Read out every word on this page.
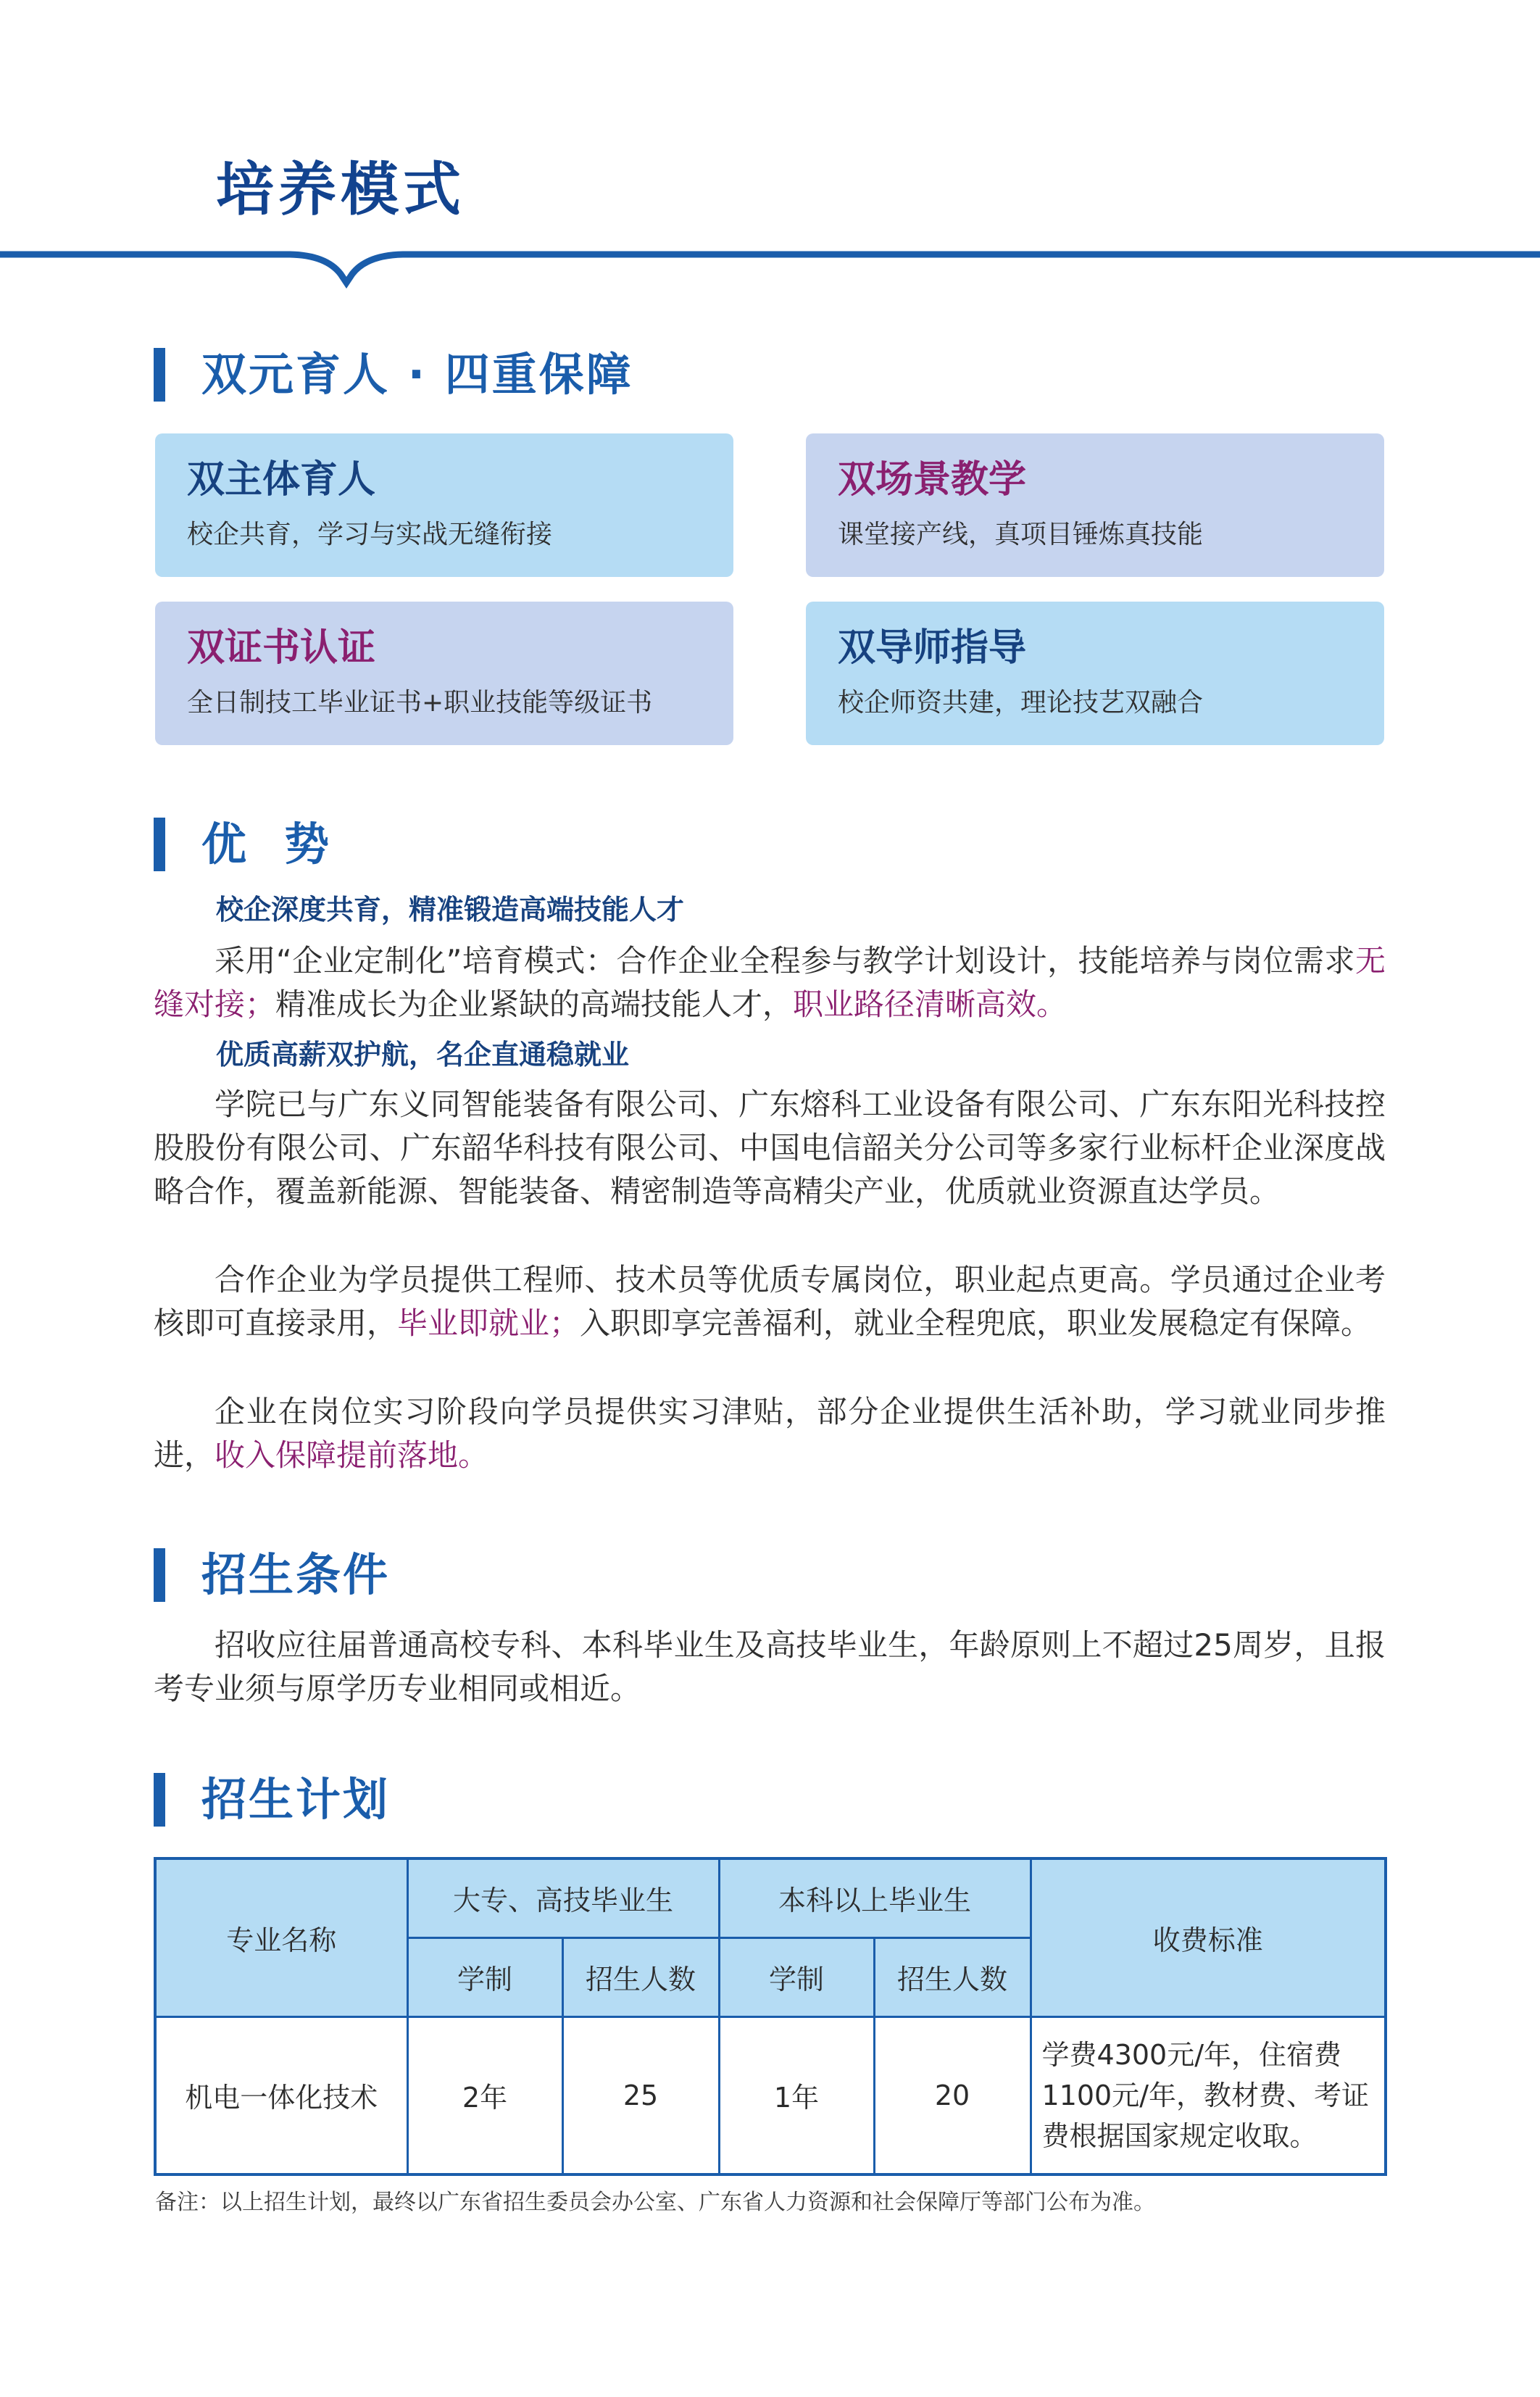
培养模式
双元育人 · 四重保障
双主体育人
校企共育，学习与实战无缝衔接
双场景教学
课堂接产线，真项目锤炼真技能
双证书认证
全日制技工毕业证书+职业技能等级证书
双导师指导
校企师资共建，理论技艺双融合
优  势
校企深度共育，精准锻造高端技能人才

采用“企业定制化”培育模式：合作企业全程参与教学计划设计，技能培养与岗位需求无缝对接；精准成长为企业紧缺的高端技能人才，职业路径清晰高效。

优质高薪双护航，名企直通稳就业

学院已与广东义同智能装备有限公司、广东熔科工业设备有限公司、广东东阳光科技控股股份有限公司、广东韶华科技有限公司、中国电信韶关分公司等多家行业标杆企业深度战略合作，覆盖新能源、智能装备、精密制造等高精尖产业，优质就业资源直达学员。

合作企业为学员提供工程师、技术员等优质专属岗位，职业起点更高。学员通过企业考核即可直接录用，毕业即就业；入职即享完善福利，就业全程兜底，职业发展稳定有保障。

企业在岗位实习阶段向学员提供实习津贴，部分企业提供生活补助，学习就业同步推进，收入保障提前落地。

招生条件

招收应往届普通高校专科、本科毕业生及高技毕业生，年龄原则上不超过25周岁，且报考专业须与原学历专业相同或相近。

招生计划
专业名称	大专、高技毕业生		本科以上毕业生		收费标准
	学制	招生人数	学制	招生人数	
机电一体化技术	2年	25	1年	20	学费4300元/年，住宿费1100元/年，教材费、考证费根据国家规定收取。
备注：以上招生计划，最终以广东省招生委员会办公室、广东省人力资源和社会保障厅等部门公布为准。
